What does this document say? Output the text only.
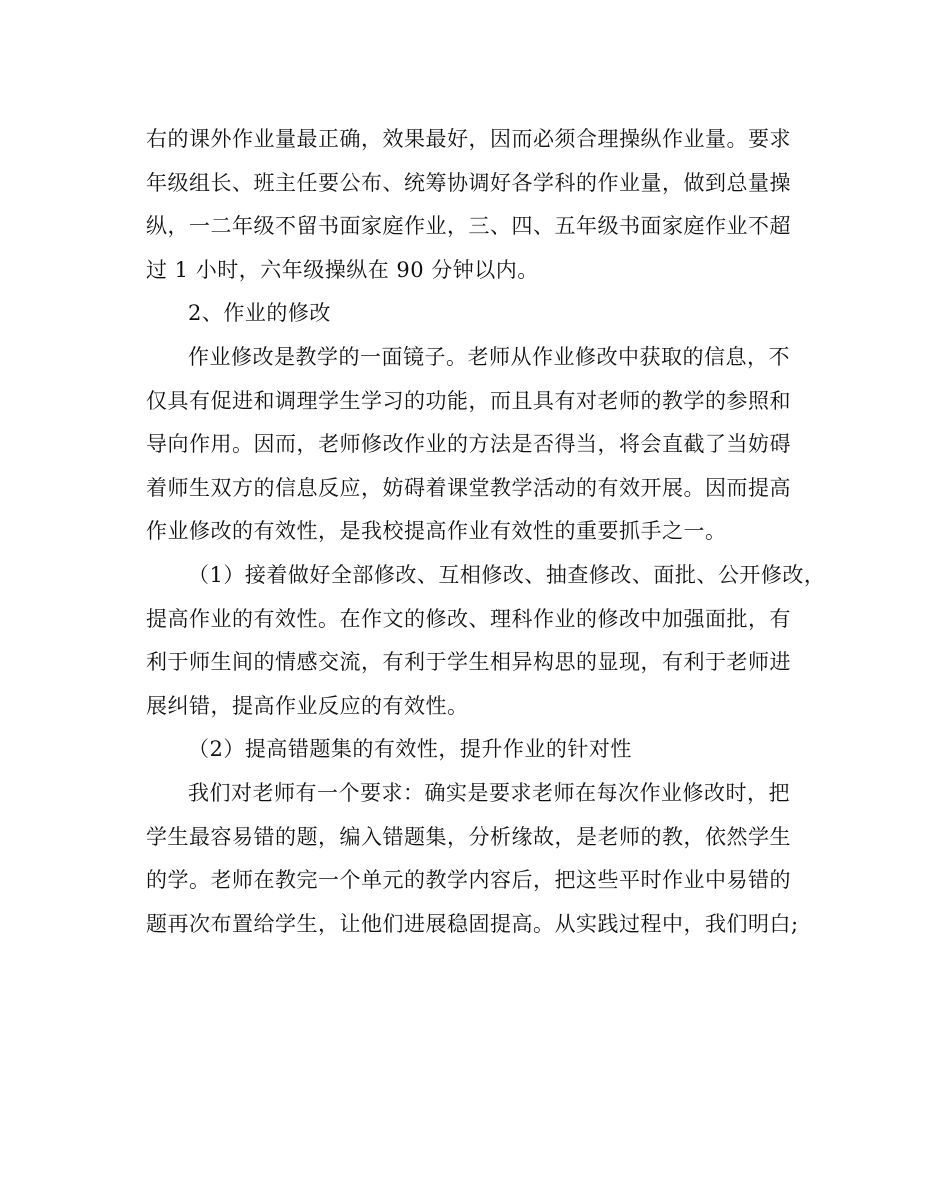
右的课外作业量最正确，效果最好，因而必须合理操纵作业量。要求

年级组长、班主任要公布、统筹协调好各学科的作业量，做到总量操

纵，一二年级不留书面家庭作业，三、四、五年级书面家庭作业不超

过 1 小时，六年级操纵在 90 分钟以内。

2、作业的修改

作业修改是教学的一面镜子。老师从作业修改中获取的信息，不

仅具有促进和调理学生学习的功能，而且具有对老师的教学的参照和

导向作用。因而，老师修改作业的方法是否得当，将会直截了当妨碍

着师生双方的信息反应，妨碍着课堂教学活动的有效开展。因而提高

作业修改的有效性，是我校提高作业有效性的重要抓手之一。

（1）接着做好全部修改、互相修改、抽查修改、面批、公开修改，

提高作业的有效性。在作文的修改、理科作业的修改中加强面批，有

利于师生间的情感交流，有利于学生相异构思的显现，有利于老师进

展纠错，提高作业反应的有效性。

（2）提高错题集的有效性，提升作业的针对性

我们对老师有一个要求：确实是要求老师在每次作业修改时，把

学生最容易错的题，编入错题集，分析缘故，是老师的教，依然学生

的学。老师在教完一个单元的教学内容后，把这些平时作业中易错的

题再次布置给学生，让他们进展稳固提高。从实践过程中，我们明白;
